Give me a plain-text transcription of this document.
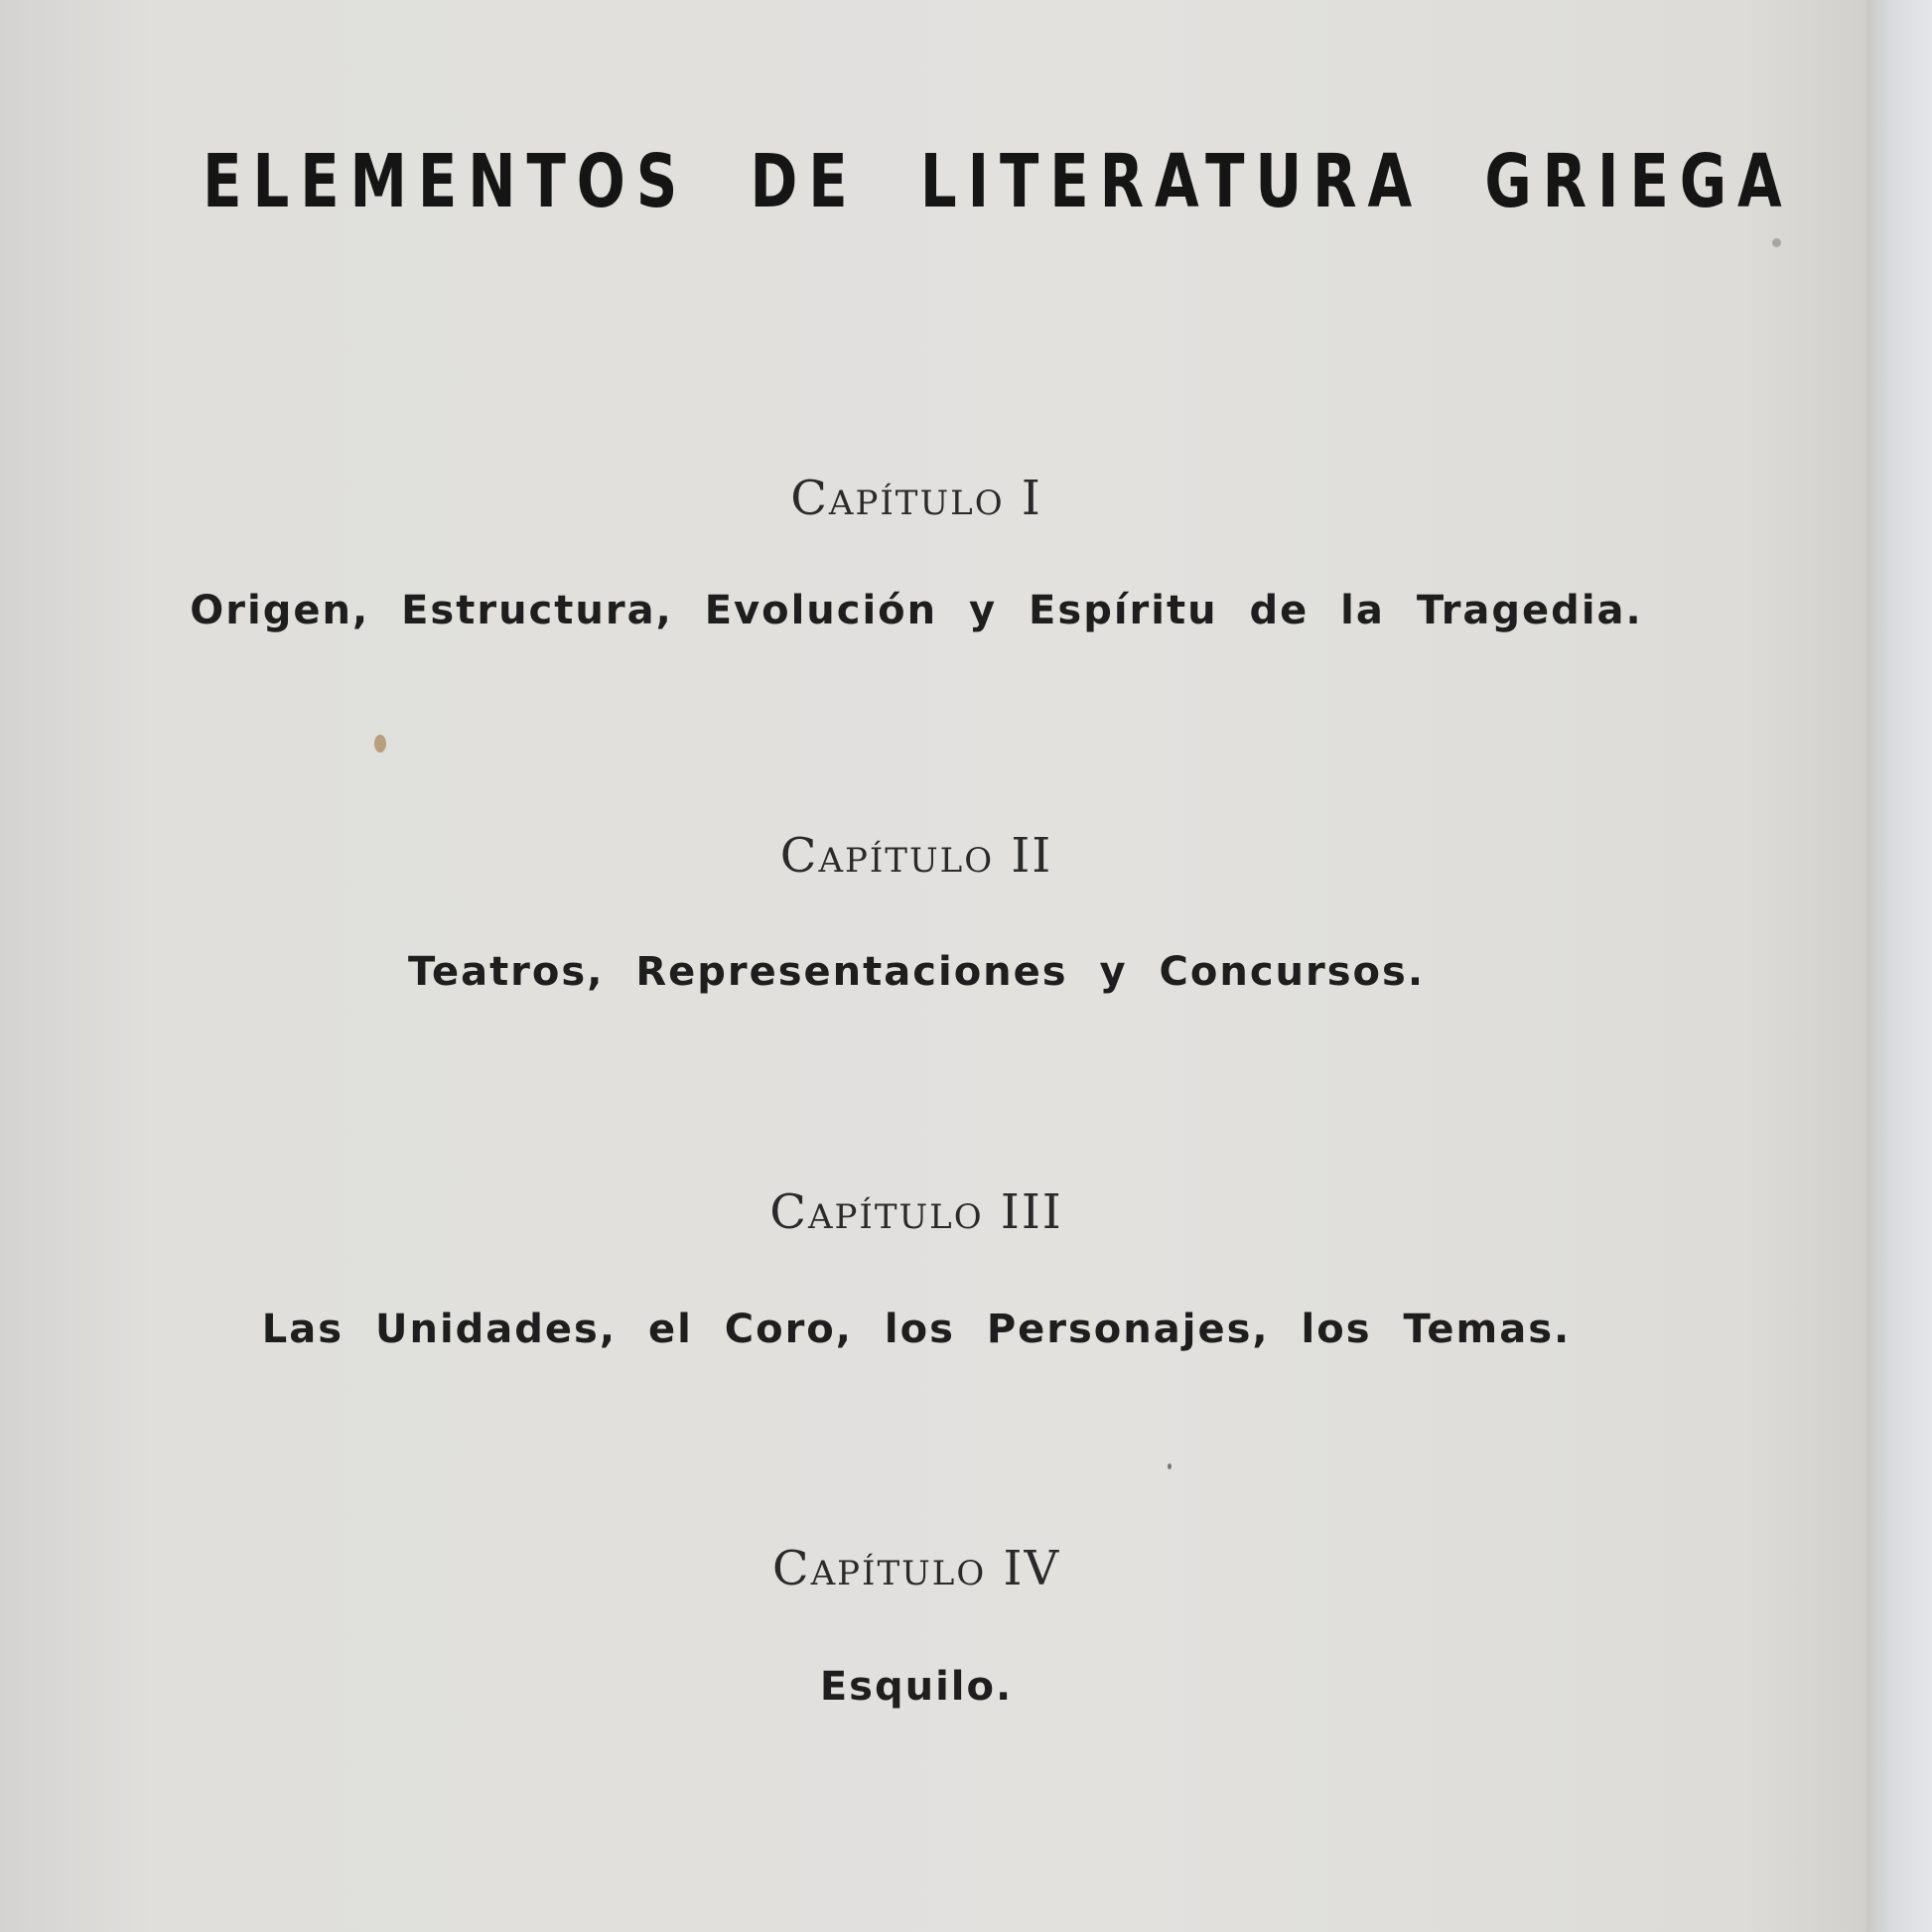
ELEMENTOS DE LITERATURA GRIEGA
Capítulo I
Origen, Estructura, Evolución y Espíritu de la Tragedia.
Capítulo II
Teatros, Representaciones y Concursos.
Capítulo III
Las Unidades, el Coro, los Personajes, los Temas.
Capítulo IV
Esquilo.
